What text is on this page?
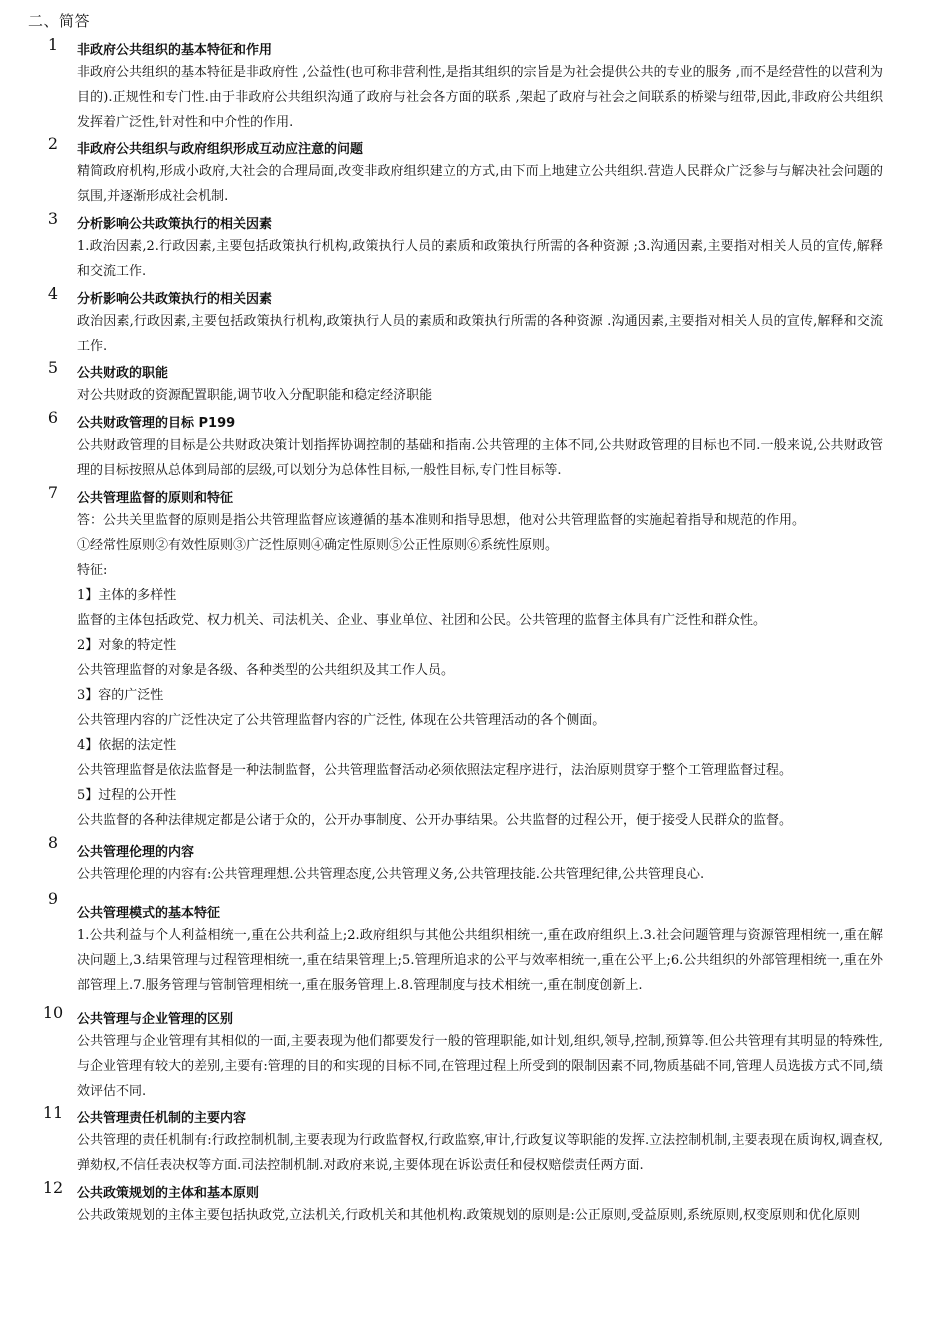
二、简答
1	非政府公共组织的基本特征和作用
非政府公共组织的基本特征是非政府性 ,公益性(也可称非营利性,是指其组织的宗旨是为社会提供公共的专业的服务 ,而不是经营性的以营利为目的).正规性和专门性.由于非政府公共组织沟通了政府与社会各方面的联系 ,架起了政府与社会之间联系的桥梁与纽带,因此,非政府公共组织发挥着广泛性,针对性和中介性的作用.
2	非政府公共组织与政府组织形成互动应注意的问题
精简政府机构,形成小政府,大社会的合理局面,改变非政府组织建立的方式,由下而上地建立公共组织.营造人民群众广泛参与与解决社会问题的氛围,并逐渐形成社会机制.
3	分析影响公共政策执行的相关因素
1.政治因素,2.行政因素,主要包括政策执行机构,政策执行人员的素质和政策执行所需的各种资源 ;3.沟通因素,主要指对相关人员的宣传,解释和交流工作.
4	分析影响公共政策执行的相关因素
政治因素,行政因素,主要包括政策执行机构,政策执行人员的素质和政策执行所需的各种资源 .沟通因素,主要指对相关人员的宣传,解释和交流工作.
5	公共财政的职能
对公共财政的资源配置职能,调节收入分配职能和稳定经济职能
6	公共财政管理的目标 P199
公共财政管理的目标是公共财政决策计划指挥协调控制的基础和指南.公共管理的主体不同,公共财政管理的目标也不同.一般来说,公共财政管理的目标按照从总体到局部的层级,可以划分为总体性目标,一般性目标,专门性目标等.
7	公共管理监督的原则和特征
答：公共关里监督的原则是指公共管理监督应该遵循的基本准则和指导思想，他对公共管理监督的实施起着指导和规范的作用。
①经常性原则②有效性原则③广泛性原则④确定性原则⑤公正性原则⑥系统性原则。
特征:
1】主体的多样性
监督的主体包括政党、权力机关、司法机关、企业、事业单位、社团和公民。公共管理的监督主体具有广泛性和群众性。
2】对象的特定性
公共管理监督的对象是各级、各种类型的公共组织及其工作人员。
3】容的广泛性
公共管理内容的广泛性决定了公共管理监督内容的广泛性, 体现在公共管理活动的各个侧面。
4】依据的法定性
公共管理监督是依法监督是一种法制监督，公共管理监督活动必须依照法定程序进行，法治原则贯穿于整个工管理监督过程。
5】过程的公开性
公共监督的各种法律规定都是公诸于众的，公开办事制度、公开办事结果。公共监督的过程公开，便于接受人民群众的监督。
8
公共管理伦理的内容
公共管理伦理的内容有:公共管理理想.公共管理态度,公共管理义务,公共管理技能.公共管理纪律,公共管理良心.
9
公共管理模式的基本特征
1.公共利益与个人利益相统一,重在公共利益上;2.政府组织与其他公共组织相统一,重在政府组织上.3.社会问题管理与资源管理相统一,重在解决问题上,3.结果管理与过程管理相统一,重在结果管理上;5.管理所追求的公平与效率相统一,重在公平上;6.公共组织的外部管理相统一,重在外部管理上.7.服务管理与管制管理相统一,重在服务管理上.8.管理制度与技术相统一,重在制度创新上.
10	公共管理与企业管理的区别
公共管理与企业管理有其相似的一面,主要表现为他们都要发行一般的管理职能,如计划,组织,领导,控制,预算等.但公共管理有其明显的特殊性,与企业管理有较大的差别,主要有:管理的目的和实现的目标不同,在管理过程上所受到的限制因素不同,物质基础不同,管理人员选拔方式不同,绩效评估不同.
11	公共管理责任机制的主要内容
公共管理的责任机制有:行政控制机制,主要表现为行政监督权,行政监察,审计,行政复议等职能的发挥.立法控制机制,主要表现在质询权,调查权,弹劾权,不信任表决权等方面.司法控制机制.对政府来说,主要体现在诉讼责任和侵权赔偿责任两方面.
12	公共政策规划的主体和基本原则
公共政策规划的主体主要包括执政党,立法机关,行政机关和其他机构.政策规划的原则是:公正原则,受益原则,系统原则,权变原则和优化原则
